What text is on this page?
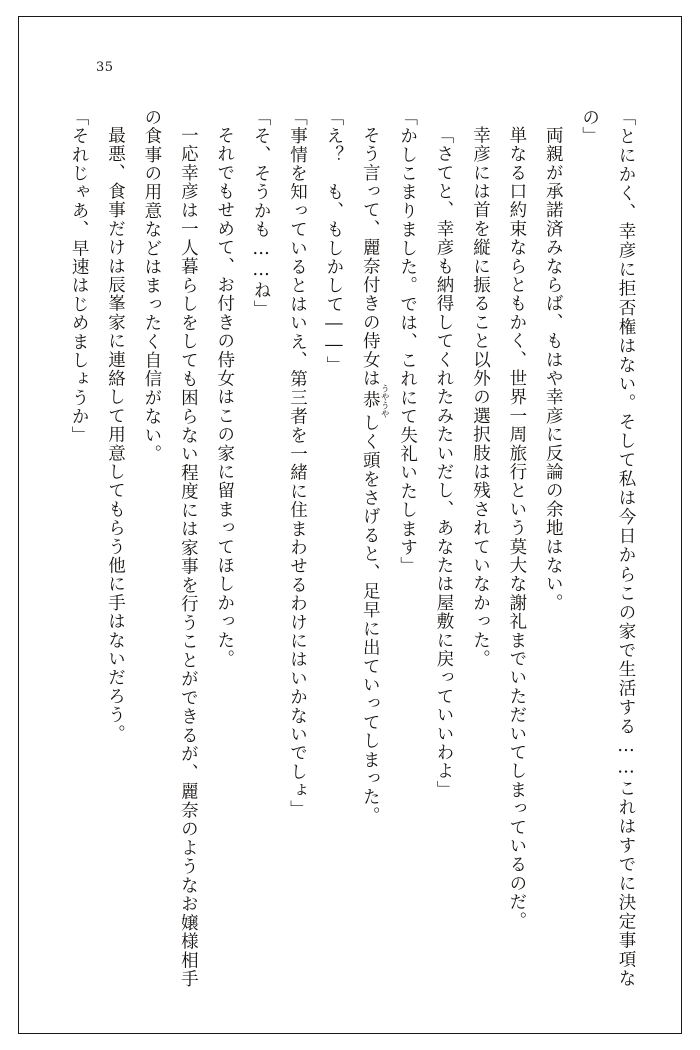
35

「とにかく、幸彦に拒否権はない。そして私は今日からこの家で生活する……これはすでに決定事項なの」

両親が承諾済みならば、もはや幸彦に反論の余地はない。

単なる口約束ならともかく、世界一周旅行という莫大な謝礼までいただいてしまっているのだ。

幸彦には首を縦に振ること以外の選択肢は残されていなかった。

「さてと、幸彦も納得してくれたみたいだし、あなたは屋敷に戻っていいわよ」

「かしこまりました。では、これにて失礼いたします」

そう言って、麗奈付きの侍女は恭 うやうやしく頭をさげると、足早に出ていってしまった。

「え？　も、もしかして――」

「事情を知っているとはいえ、第三者を一緒に住まわせるわけにはいかないでしょ」

「そ、そうかも……ね」

それでもせめて、お付きの侍女はこの家に留まってほしかった。

一応幸彦は一人暮らしをしても困らない程度には家事を行うことができるが、麗奈のようなお嬢様相手の食事の用意などはまったく自信がない。

最悪、食事だけは辰峯家に連絡して用意してもらう他に手はないだろう。

「それじゃあ、早速はじめましょうか」
